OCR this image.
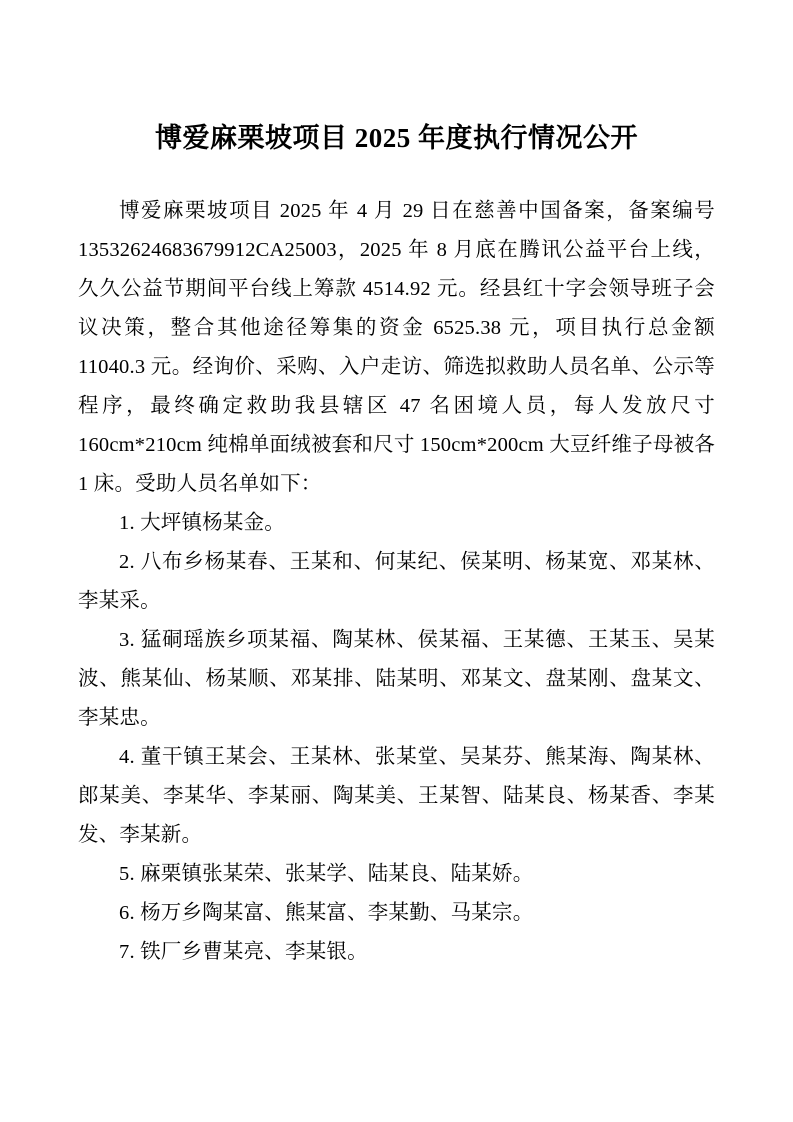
博爱麻栗坡项目 2025 年度执行情况公开

博爱麻栗坡项目 2025 年 4 月 29 日在慈善中国备案，备案编号 13532624683679912CA25003，2025 年 8 月底在腾讯公益平台上线，久久公益节期间平台线上筹款 4514.92 元。经县红十字会领导班子会议决策，整合其他途径筹集的资金 6525.38 元，项目执行总金额 11040.3 元。经询价、采购、入户走访、筛选拟救助人员名单、公示等程序，最终确定救助我县辖区 47 名困境人员，每人发放尺寸 160cm*210cm 纯棉单面绒被套和尺寸 150cm*200cm 大豆纤维子母被各 1 床。受助人员名单如下：

1. 大坪镇杨某金。

2. 八布乡杨某春、王某和、何某纪、侯某明、杨某宽、邓某林、李某采。

3. 猛硐瑶族乡项某福、陶某林、侯某福、王某德、王某玉、吴某波、熊某仙、杨某顺、邓某排、陆某明、邓某文、盘某刚、盘某文、李某忠。

4. 董干镇王某会、王某林、张某堂、吴某芬、熊某海、陶某林、郎某美、李某华、李某丽、陶某美、王某智、陆某良、杨某香、李某发、李某新。

5. 麻栗镇张某荣、张某学、陆某良、陆某娇。

6. 杨万乡陶某富、熊某富、李某勤、马某宗。

7. 铁厂乡曹某亮、李某银。
